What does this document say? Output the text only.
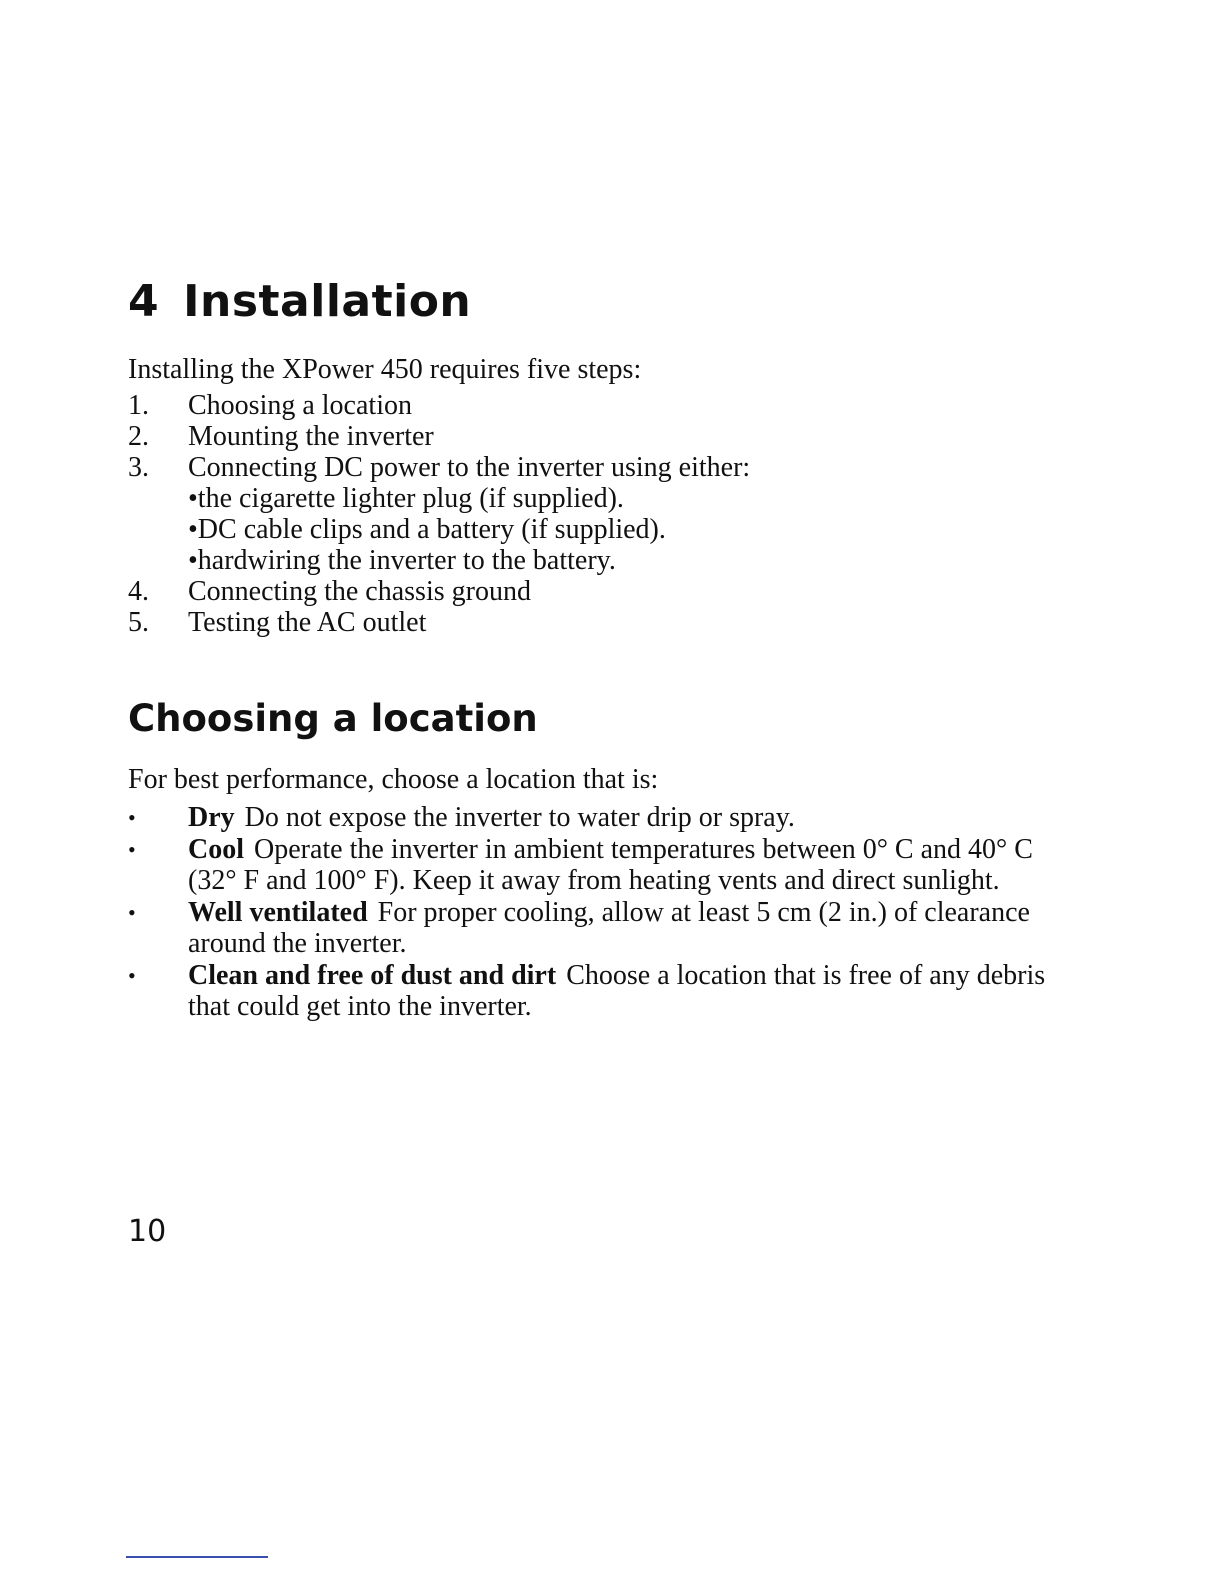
4 Installation
Installing the XPower 450 requires five steps:
1. Choosing a location
2. Mounting the inverter
3. Connecting DC power to the inverter using either:
•the cigarette lighter plug (if supplied).
•DC cable clips and a battery (if supplied).
•hardwiring the inverter to the battery.
4. Connecting the chassis ground
5. Testing the AC outlet
Choosing a location
For best performance, choose a location that is:
• Dry Do not expose the inverter to water drip or spray.
• Cool Operate the inverter in ambient temperatures between 0° C and 40° C (32° F and 100° F). Keep it away from heating vents and direct sunlight.
• Well ventilated For proper cooling, allow at least 5 cm (2 in.) of clearance around the inverter.
• Clean and free of dust and dirt Choose a location that is free of any debris that could get into the inverter.
10
